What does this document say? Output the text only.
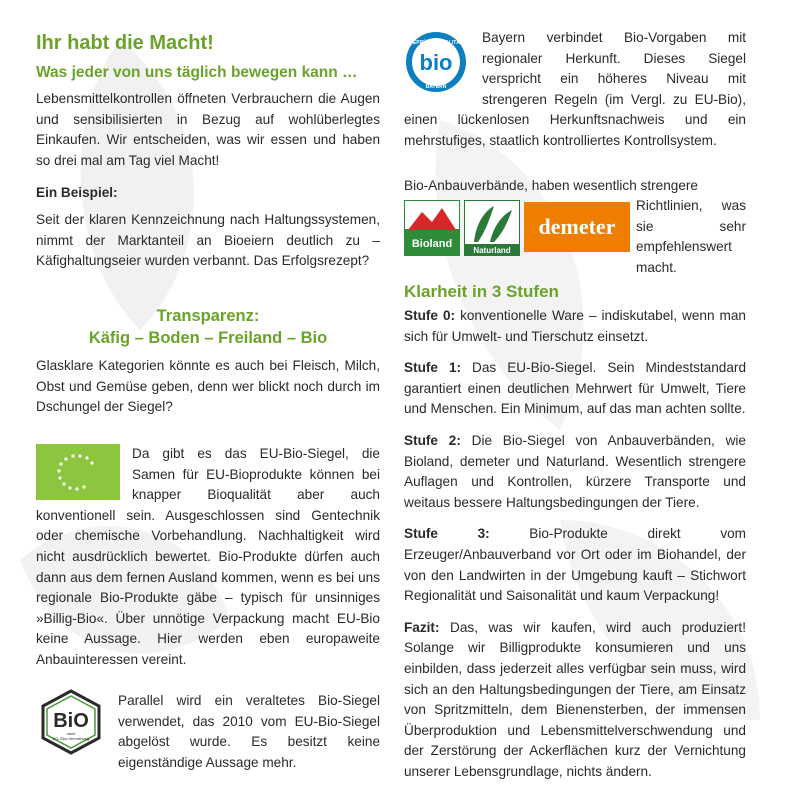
Ihr habt die Macht!
Was jeder von uns täglich bewegen kann …

Lebensmittelkontrollen öffneten Verbrauchern die Augen und sensibilisierten in Bezug auf wohlüberlegtes Einkaufen. Wir entscheiden, was wir essen und haben so drei mal am Tag viel Macht!

Ein Beispiel:

Seit der klaren Kennzeichnung nach Haltungssystemen, nimmt der Marktanteil an Bioeiern deutlich zu – Käfighaltungseier wurden verbannt. Das Erfolgsrezept?

Transparenz:
Käfig – Boden – Freiland – Bio

Glasklare Kategorien könnte es auch bei Fleisch, Milch, Obst und Gemüse geben, denn wer blickt noch durch im Dschungel der Siegel?

Da gibt es das EU-Bio-Siegel, die Samen für EU-Bioprodukte können bei knapper Bioqualität aber auch konventionell sein. Ausgeschlossen sind Gentechnik oder chemische Vorbehandlung. Nachhaltigkeit wird nicht ausdrücklich bewertet. Bio-Produkte dürfen auch dann aus dem fernen Ausland kommen, wenn es bei uns regionale Bio-Produkte gäbe – typisch für unsinniges »Billig-Bio«. Über unnötige Verpackung macht EU-Bio keine Aussage. Hier werden eben europaweite Anbauinteressen vereint.

BiO
nach
EG-Öko-Verordnung

Parallel wird ein veraltetes Bio-Siegel verwendet, das 2010 vom EU-Bio-Siegel abgelöst wurde. Es besitzt keine eigenständige Aussage mehr.

GEPRÜFTE QUALITÄT
bio
BAYERN

Bayern verbindet Bio-Vorgaben mit regionaler Herkunft. Dieses Siegel verspricht ein höheres Niveau mit strengeren Regeln (im Vergl. zu EU-Bio), einen lückenlosen Herkunftsnachweis und ein mehrstufiges, staatlich kontrolliertes Kontrollsystem.

Bio-Anbauverbände, haben wesentlich strengere

Bioland
Naturland
demeter

Richtlinien, was sie sehr empfehlenswert macht.

Klarheit in 3 Stufen

Stufe 0: konventionelle Ware – indiskutabel, wenn man sich für Umwelt- und Tierschutz einsetzt.

Stufe 1: Das EU-Bio-Siegel. Sein Mindeststandard garantiert einen deutlichen Mehrwert für Umwelt, Tiere und Menschen. Ein Minimum, auf das man achten sollte.

Stufe 2: Die Bio-Siegel von Anbauverbänden, wie Bioland, demeter und Naturland. Wesentlich strengere Auflagen und Kontrollen, kürzere Transporte und weitaus bessere Haltungsbedingungen der Tiere.

Stufe 3: Bio-Produkte direkt vom Erzeuger/Anbauverband vor Ort oder im Biohandel, der von den Landwirten in der Umgebung kauft – Stichwort Regionalität und Saisonalität und kaum Verpackung!

Fazit: Das, was wir kaufen, wird auch produziert! Solange wir Billigprodukte konsumieren und uns einbilden, dass jederzeit alles verfügbar sein muss, wird sich an den Haltungsbedingungen der Tiere, am Einsatz von Spritzmitteln, dem Bienensterben, der immensen Überproduktion und Lebensmittelverschwendung und der Zerstörung der Ackerflächen kurz der Vernichtung unserer Lebensgrundlage, nichts ändern.
